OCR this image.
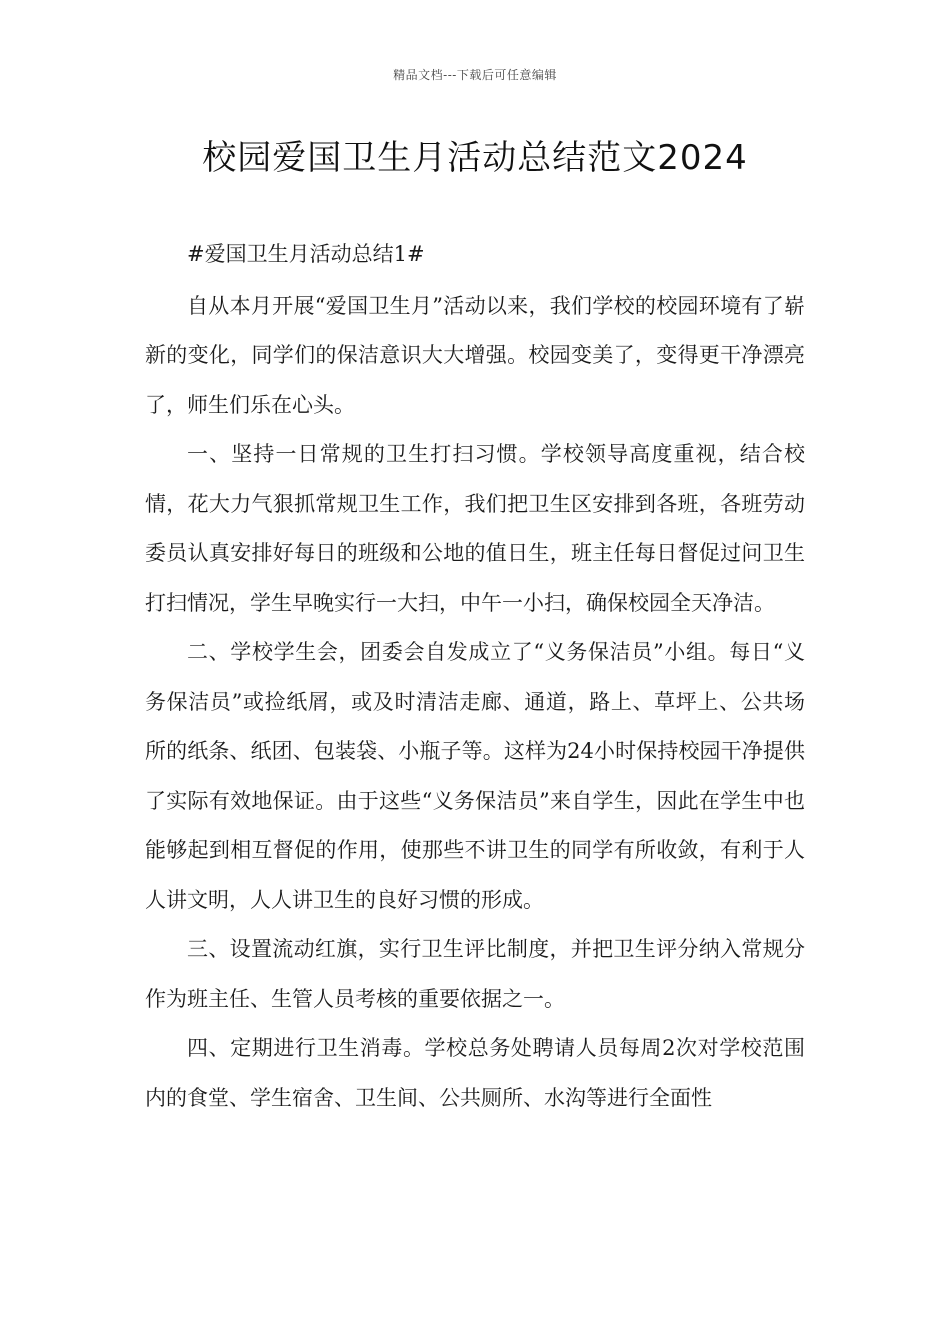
精品文档---下载后可任意编辑
校园爱国卫生月活动总结范文2024

#爱国卫生月活动总结1#

自从本月开展“爱国卫生月”活动以来，我们学校的校园环境有了崭新的变化，同学们的保洁意识大大增强。校园变美了，变得更干净漂亮了，师生们乐在心头。

一、坚持一日常规的卫生打扫习惯。学校领导高度重视，结合校情，花大力气狠抓常规卫生工作，我们把卫生区安排到各班，各班劳动委员认真安排好每日的班级和公地的值日生，班主任每日督促过问卫生打扫情况，学生早晚实行一大扫，中午一小扫，确保校园全天净洁。

二、学校学生会，团委会自发成立了“义务保洁员”小组。每日“义务保洁员”或捡纸屑，或及时清洁走廊、通道，路上、草坪上、公共场所的纸条、纸团、包装袋、小瓶子等。这样为24小时保持校园干净提供了实际有效地保证。由于这些“义务保洁员”来自学生，因此在学生中也能够起到相互督促的作用，使那些不讲卫生的同学有所收敛，有利于人人讲文明，人人讲卫生的良好习惯的形成。

三、设置流动红旗，实行卫生评比制度，并把卫生评分纳入常规分作为班主任、生管人员考核的重要依据之一。

四、定期进行卫生消毒。学校总务处聘请人员每周2次对学校范围内的食堂、学生宿舍、卫生间、公共厕所、水沟等进行全面性
